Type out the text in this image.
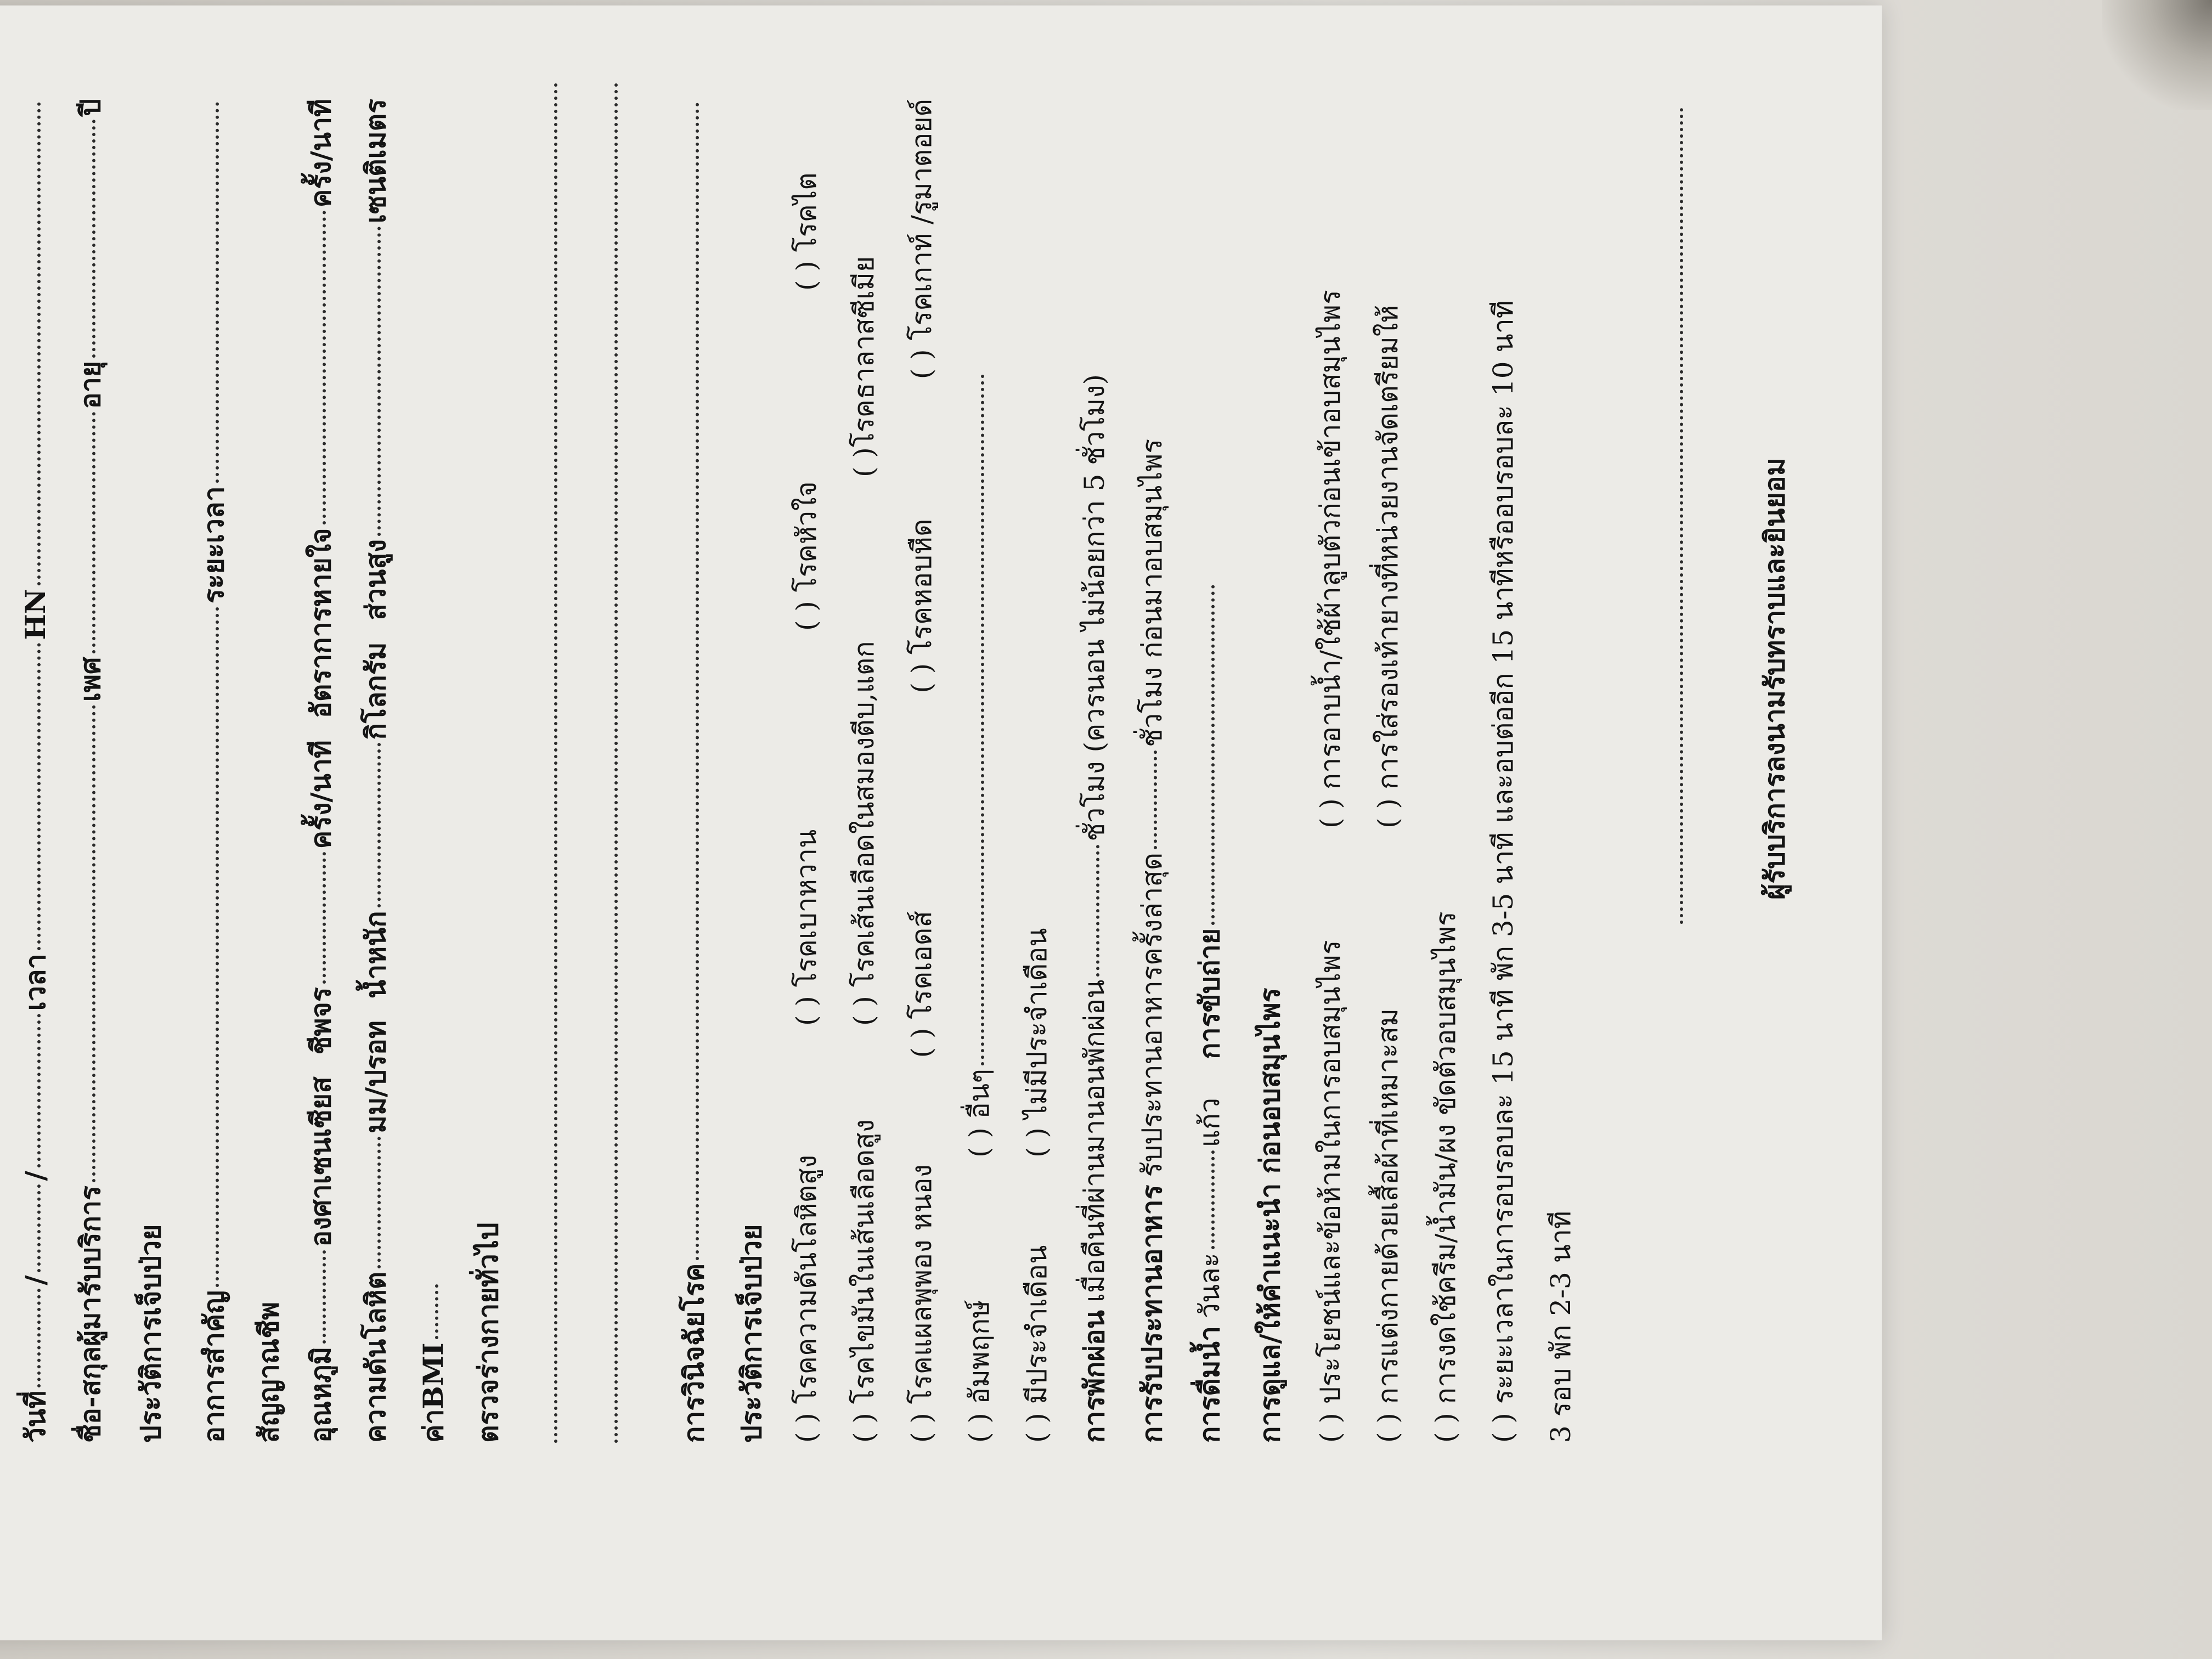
วันที่
/
/
เวลา
HN
ชื่อ-สกุลผู้มารับบริการ
เพศ
อายุ
ปี
ประวัติการเจ็บป่วย	อาการสำคัญ
ระยะเวลา
สัญญาณชีพ อุณหภูมิ
องศาเซนเซียส
ชีพจร
ครั้ง/นาที
อัตราการหายใจ
ครั้ง/นาที
ความดันโลหิต
มม/ปรอท
น้ำหนัก
กิโลกรัม
ส่วนสูง
เซนติเมตร
ค่าBMI ตรวจร่างกายทั่วไป	การวินิจฉัยโรค ประวัติการเจ็บป่วย ( ) โรคความดันโลหิตสูง
( ) โรคเบาหวาน
( ) โรคหัวใจ
( ) โรคไต
( ) โรคไขมันในเส้นเลือดสูง
( ) โรคเส้นเลือดในสมองตีบ,แตก
( )โรคธาลาสซีเมีย
( ) โรคแผลพุพอง หนอง
( ) โรคเอดส์
( ) โรคหอบหืด
( ) โรคเกาท์ /รูมาตอยด์
( ) อัมพฤกษ์
( ) อื่นๆ
( ) มีประจำเดือน
( ) ไม่มีประจำเดือน
การพักผ่อน
เมื่อคืนที่ผ่านมานอนพักผ่อน
ชั่วโมง (ควรนอน ไม่น้อยกว่า 5 ชั่วโมง)
การรับประทานอาหาร
รับประทานอาหารครั้งล่าสุด
ชั่วโมง ก่อนมาอบสมุนไพร
การดื่มน้ำ
วันละ
แก้ว
การขับถ่าย	การดูแล/ให้คำแนะนำ ก่อนอบสมุนไพร	( ) ประโยชน์และข้อห้ามในการอบสมุนไพร
( ) การอาบน้ำ/ใช้ผ้าลูบตัวก่อนเข้าอบสมุนไพร
( ) การแต่งกายด้วยเสื้อผ้าที่เหมาะสม
( ) การใส่รองเท้ายางที่หน่วยงานจัดเตรียมให้
( ) การงดใช้ครีม/น้ำมัน/ผง ขัดตัวอบสมุนไพร ( ) ระยะเวลาในการอบรอบละ 15 นาที พัก 3-5 นาที และอบต่ออีก 15 นาทีหรืออบรอบละ 10 นาที 3 รอบ พัก 2-3 นาที
ผู้รับบริการลงนามรับทราบและยินยอม
